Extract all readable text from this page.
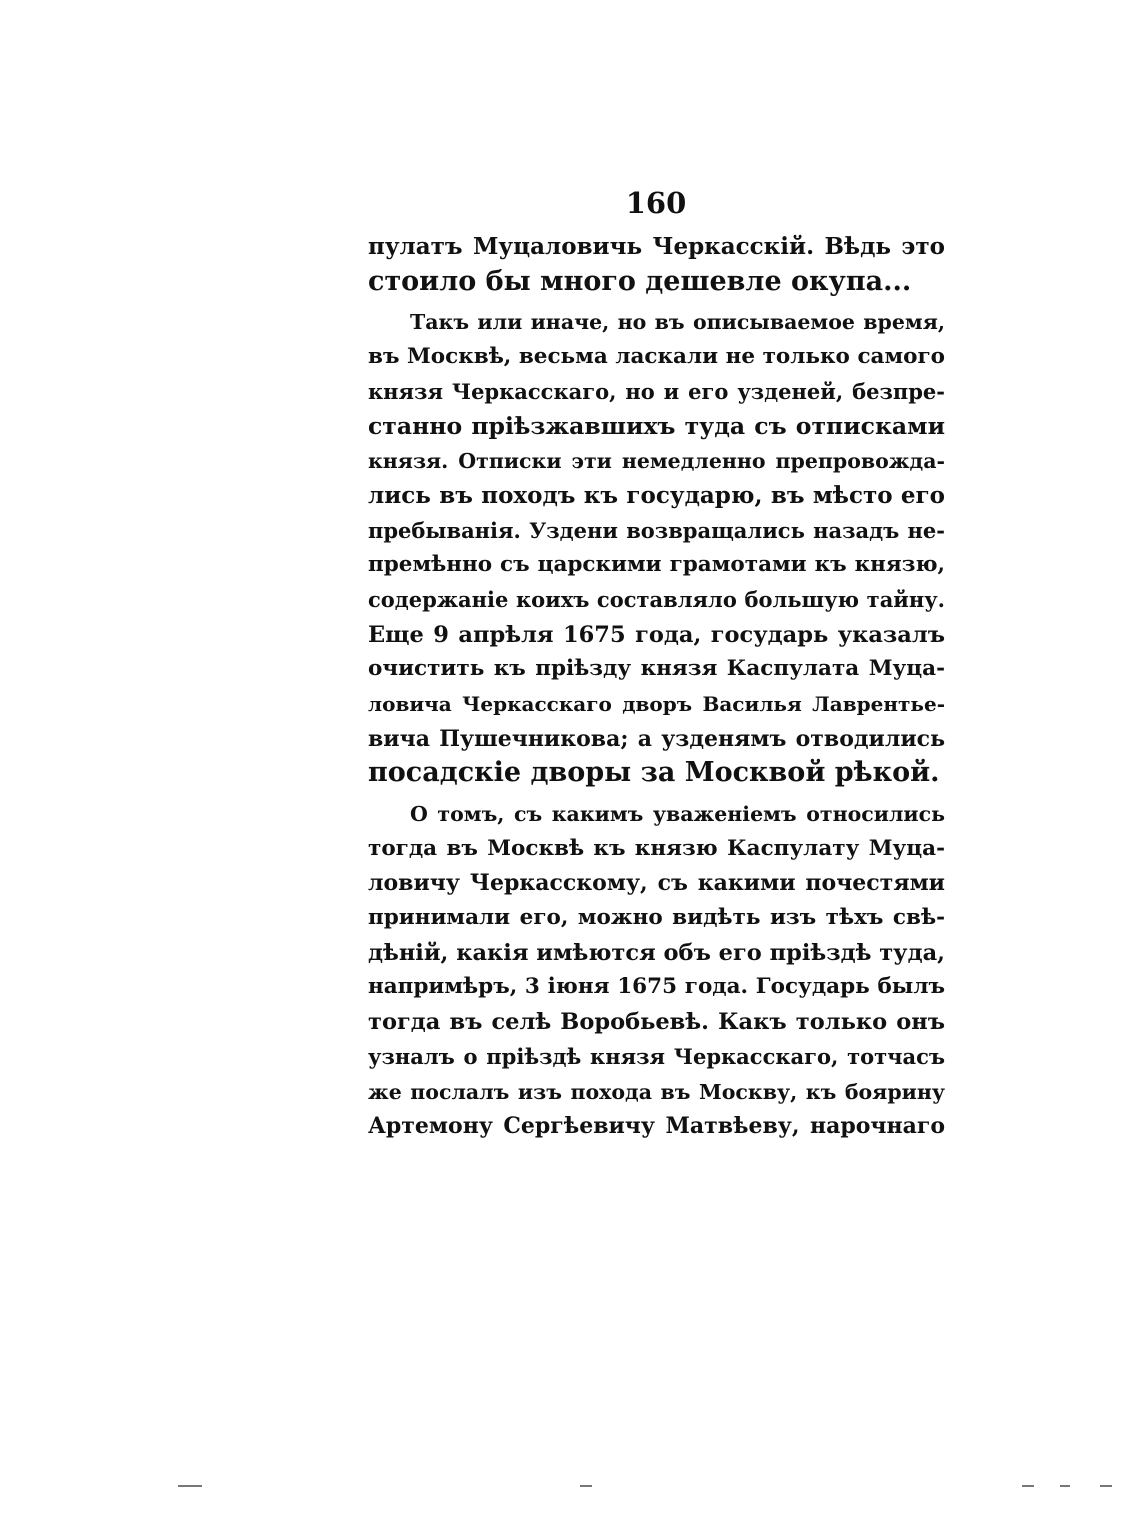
160
пулатъ Муцаловичь Черкасскій. Вѣдь это
стоило бы много дешевле окупа...
Такъ или иначе, но въ описываемое время,
въ Москвѣ, весьма ласкали не только самого
князя Черкасскаго, но и его узденей, безпре-
станно пріѣзжавшихъ туда съ отписками
князя. Отписки эти немедленно препровожда-
лись въ походъ къ государю, въ мѣсто его
пребыванія. Уздени возвращались назадъ не-
премѣнно съ царскими грамотами къ князю,
содержаніе коихъ составляло большую тайну.
Еще 9 апрѣля 1675 года, государь указалъ
очистить къ пріѣзду князя Каспулата Муца-
ловича Черкасскаго дворъ Василья Лаврентье-
вича Пушечникова; а узденямъ отводились
посадскіе дворы за Москвой рѣкой.
О томъ, съ какимъ уваженіемъ относились
тогда въ Москвѣ къ князю Каспулату Муца-
ловичу Черкасскому, съ какими почестями
принимали его, можно видѣть изъ тѣхъ свѣ-
дѣній, какія имѣются объ его пріѣздѣ туда,
напримѣръ, 3 іюня 1675 года. Государь былъ
тогда въ селѣ Воробьевѣ. Какъ только онъ
узналъ о пріѣздѣ князя Черкасскаго, тотчасъ
же послалъ изъ похода въ Москву, къ боярину
Артемону Сергѣевичу Матвѣеву, нарочнаго
